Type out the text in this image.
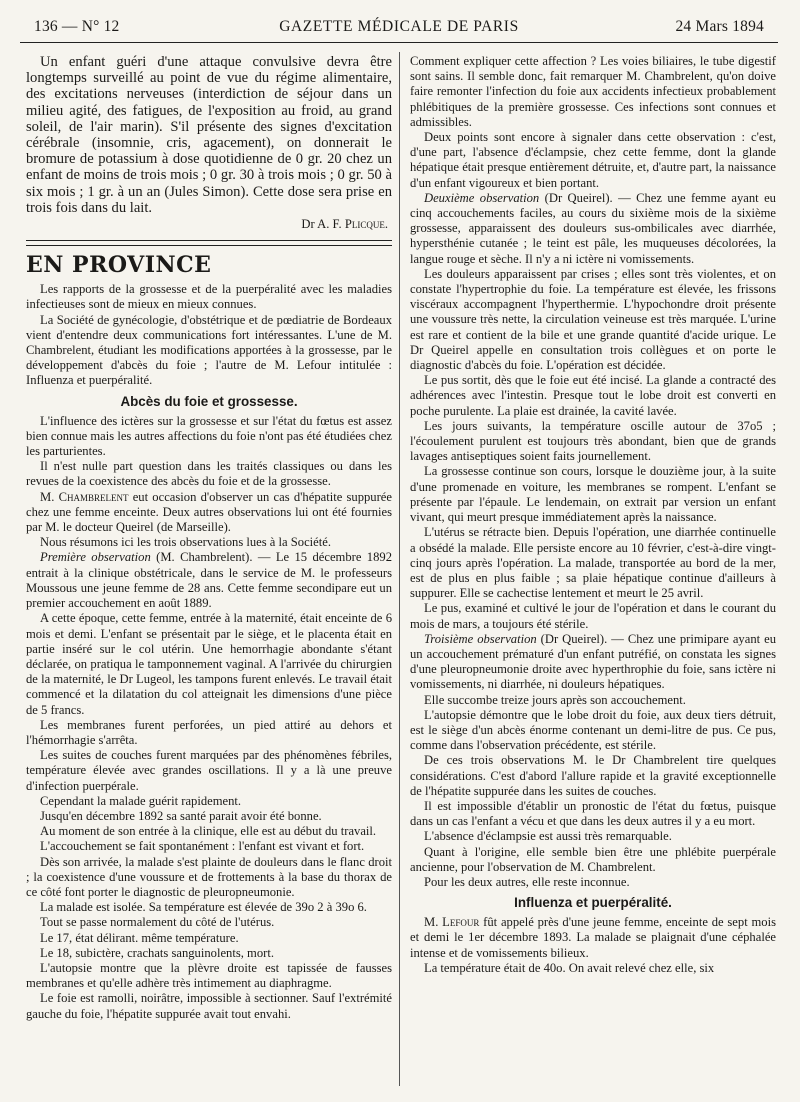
136 — N° 12	GAZETTE MÉDICALE DE PARIS	24 Mars 1894

Un enfant guéri d'une attaque convulsive devra être longtemps surveillé au point de vue du régime alimentaire, des excitations nerveuses (interdiction de séjour dans un milieu agité, des fatigues, de l'exposition au froid, au grand soleil, de l'air marin). S'il présente des signes d'excitation cérébrale (insomnie, cris, agacement), on donnerait le bromure de potassium à dose quotidienne de 0 gr. 20 chez un enfant de moins de trois mois ; 0 gr. 30 à trois mois ; 0 gr. 50 à six mois ; 1 gr. à un an (Jules Simon). Cette dose sera prise en trois fois dans du lait.

Dr A. F. Plicque.
EN PROVINCE

Les rapports de la grossesse et de la puerpéralité avec les maladies infectieuses sont de mieux en mieux connues.

La Société de gynécologie, d'obstétrique et de pœdiatrie de Bordeaux vient d'entendre deux communications fort intéressantes. L'une de M. Chambrelent, étudiant les modifications apportées à la grossesse, par le développement d'abcès du foie ; l'autre de M. Lefour intitulée : Influenza et puerpéralité.

Abcès du foie et grossesse.

L'influence des ictères sur la grossesse et sur l'état du fœtus est assez bien connue mais les autres affections du foie n'ont pas été étudiées chez les parturientes.

Il n'est nulle part question dans les traités classiques ou dans les revues de la coexistence des abcès du foie et de la grossesse.

M. Chambrelent eut occasion d'observer un cas d'hépatite suppurée chez une femme enceinte. Deux autres observations lui ont été fournies par M. le docteur Queirel (de Marseille).

Nous résumons ici les trois observations lues à la Société.

Première observation (M. Chambrelent). — Le 15 décembre 1892 entrait à la clinique obstétricale, dans le service de M. le professeurs Moussous une jeune femme de 28 ans. Cette femme secondipare eut un premier accouchement en août 1889.

A cette époque, cette femme, entrée à la maternité, était enceinte de 6 mois et demi. L'enfant se présentait par le siège, et le placenta était en partie inséré sur le col utérin. Une hemorrhagie abondante s'étant déclarée, on pratiqua le tamponnement vaginal. A l'arrivée du chirurgien de la maternité, le Dr Lugeol, les tampons furent enlevés. Le travail était commencé et la dilatation du col atteignait les dimensions d'une pièce de 5 francs.

Les membranes furent perforées, un pied attiré au dehors et l'hémorrhagie s'arrêta.

Les suites de couches furent marquées par des phénomènes fébriles, température élevée avec grandes oscillations. Il y a là une preuve d'infection puerpérale.

Cependant la malade guérit rapidement.

Jusqu'en décembre 1892 sa santé parait avoir été bonne.

Au moment de son entrée à la clinique, elle est au début du travail.

L'accouchement se fait spontanément : l'enfant est vivant et fort.

Dès son arrivée, la malade s'est plainte de douleurs dans le flanc droit ; la coexistence d'une voussure et de frottements à la base du thorax de ce côté font porter le diagnostic de pleuropneumonie.

La malade est isolée. Sa température est élevée de 39o 2 à 39o 6.

Tout se passe normalement du côté de l'utérus.

Le 17, état délirant. même température.

Le 18, subictère, crachats sanguinolents, mort.

L'autopsie montre que la plèvre droite est tapissée de fausses membranes et qu'elle adhère très intimement au diaphragme.

Le foie est ramolli, noirâtre, impossible à sectionner. Sauf l'extrémité gauche du foie, l'hépatite suppurée avait tout envahi.

Comment expliquer cette affection ? Les voies biliaires, le tube digestif sont sains. Il semble donc, fait remarquer M. Chambrelent, qu'on doive faire remonter l'infection du foie aux accidents infectieux probablement phlébitiques de la première grossesse. Ces infections sont connues et admissibles.

Deux points sont encore à signaler dans cette observation : c'est, d'une part, l'absence d'éclampsie, chez cette femme, dont la glande hépatique était presque entièrement détruite, et, d'autre part, la naissance d'un enfant vigoureux et bien portant.

Deuxième observation (Dr Queirel). — Chez une femme ayant eu cinq accouchements faciles, au cours du sixième mois de la sixième grossesse, apparaissent des douleurs sus-ombilicales avec diarrhée, hypersthénie cutanée ; le teint est pâle, les muqueuses décolorées, la langue rouge et sèche. Il n'y a ni ictère ni vomissements.

Les douleurs apparaissent par crises ; elles sont très violentes, et on constate l'hypertrophie du foie. La température est élevée, les frissons viscéraux accompagnent l'hyperthermie. L'hypochondre droit présente une voussure très nette, la circulation veineuse est très marquée. L'urine est rare et contient de la bile et une grande quantité d'acide urique. Le Dr Queirel appelle en consultation trois collègues et on porte le diagnostic d'abcès du foie. L'opération est décidée.

Le pus sortit, dès que le foie eut été incisé. La glande a contracté des adhérences avec l'intestin. Presque tout le lobe droit est converti en poche purulente. La plaie est drainée, la cavité lavée.

Les jours suivants, la température oscille autour de 37o5 ; l'écoulement purulent est toujours très abondant, bien que de grands lavages antiseptiques soient faits journellement.

La grossesse continue son cours, lorsque le douzième jour, à la suite d'une promenade en voiture, les membranes se rompent. L'enfant se présente par l'épaule. Le lendemain, on extrait par version un enfant vivant, qui meurt presque immédiatement après la naissance.

L'utérus se rétracte bien. Depuis l'opération, une diarrhée continuelle a obsédé la malade. Elle persiste encore au 10 février, c'est-à-dire vingt-cinq jours après l'opération. La malade, transportée au bord de la mer, est de plus en plus faible ; sa plaie hépatique continue d'ailleurs à suppurer. Elle se cachectise lentement et meurt le 25 avril.

Le pus, examiné et cultivé le jour de l'opération et dans le courant du mois de mars, a toujours été stérile.

Troisième observation (Dr Queirel). — Chez une primipare ayant eu un accouchement prématuré d'un enfant putréfié, on constata les signes d'une pleuropneumonie droite avec hyperthrophie du foie, sans ictère ni vomissements, ni diarrhée, ni douleurs hépatiques.

Elle succombe treize jours après son accouchement.

L'autopsie démontre que le lobe droit du foie, aux deux tiers détruit, est le siège d'un abcès énorme contenant un demi-litre de pus. Ce pus, comme dans l'observation précédente, est stérile.

De ces trois observations M. le Dr Chambrelent tire quelques considérations. C'est d'abord l'allure rapide et la gravité exceptionnelle de l'hépatite suppurée dans les suites de couches.

Il est impossible d'établir un pronostic de l'état du fœtus, puisque dans un cas l'enfant a vécu et que dans les deux autres il y a eu mort.

L'absence d'éclampsie est aussi très remarquable.

Quant à l'origine, elle semble bien être une phlébite puerpérale ancienne, pour l'observation de M. Chambrelent.

Pour les deux autres, elle reste inconnue.

Influenza et puerpéralité.

M. Lefour fût appelé près d'une jeune femme, enceinte de sept mois et demi le 1er décembre 1893. La malade se plaignait d'une céphalée intense et de vomissements bilieux.

La température était de 40o. On avait relevé chez elle, six
